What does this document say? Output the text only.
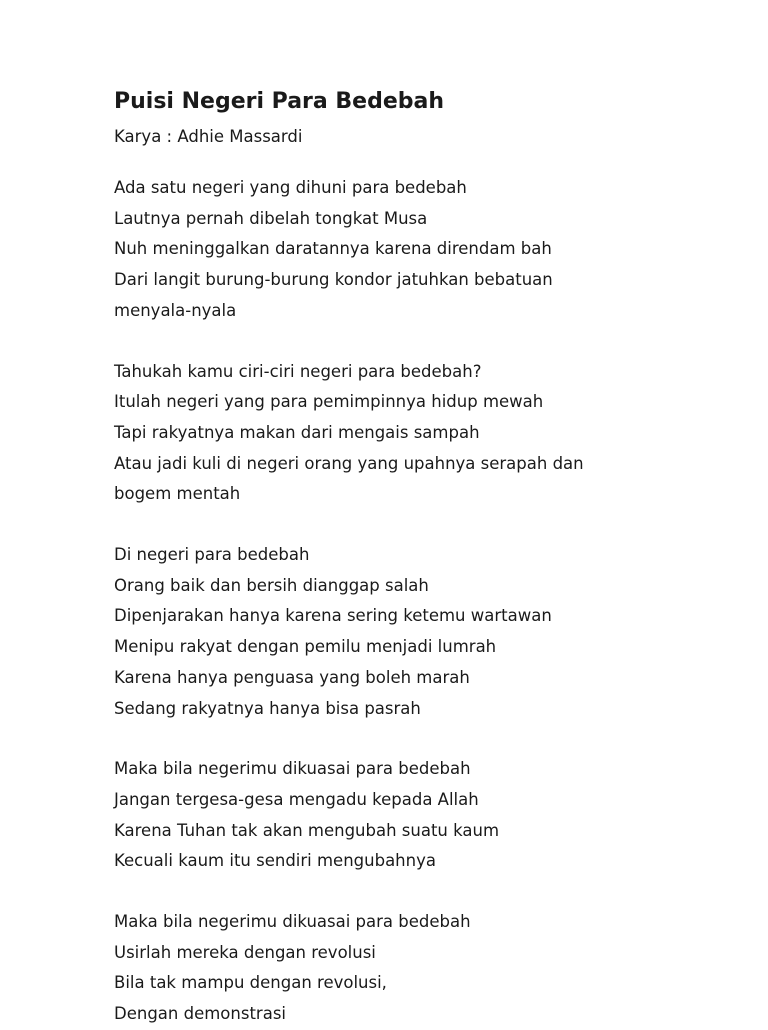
Puisi Negeri Para Bedebah

Karya : Adhie Massardi

Ada satu negeri yang dihuni para bedebah
Lautnya pernah dibelah tongkat Musa
Nuh meninggalkan daratannya karena direndam bah
Dari langit burung-burung kondor jatuhkan bebatuan
menyala-nyala
Tahukah kamu ciri-ciri negeri para bedebah?
Itulah negeri yang para pemimpinnya hidup mewah
Tapi rakyatnya makan dari mengais sampah
Atau jadi kuli di negeri orang yang upahnya serapah dan
bogem mentah
Di negeri para bedebah
Orang baik dan bersih dianggap salah
Dipenjarakan hanya karena sering ketemu wartawan
Menipu rakyat dengan pemilu menjadi lumrah
Karena hanya penguasa yang boleh marah
Sedang rakyatnya hanya bisa pasrah
Maka bila negerimu dikuasai para bedebah
Jangan tergesa-gesa mengadu kepada Allah
Karena Tuhan tak akan mengubah suatu kaum
Kecuali kaum itu sendiri mengubahnya
Maka bila negerimu dikuasai para bedebah
Usirlah mereka dengan revolusi
Bila tak mampu dengan revolusi,
Dengan demonstrasi
